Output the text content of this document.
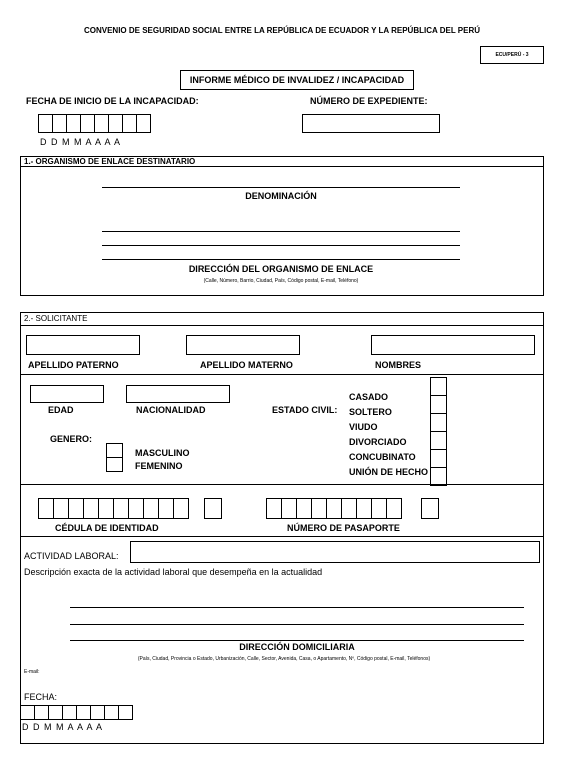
CONVENIO DE SEGURIDAD SOCIAL ENTRE LA REPÚBLICA DE ECUADOR Y LA REPÚBLICA DEL PERÚ
ECU/PERÚ - 3
INFORME MÉDICO DE INVALIDEZ / INCAPACIDAD
FECHA DE INICIO DE LA INCAPACIDAD:
D D M M A A A A
NÚMERO DE EXPEDIENTE:
1.- ORGANISMO DE ENLACE DESTINATARIO
DENOMINACIÓN
DIRECCIÓN DEL ORGANISMO DE ENLACE
(Calle, Número, Barrio, Ciudad, País, Código postal, E-mail, Teléfono)
2.- SOLICITANTE
APELLIDO PATERNO	APELLIDO MATERNO	NOMBRES
EDAD	NACIONALIDAD	ESTADO CIVIL:
CASADO
SOLTERO
VIUDO
DIVORCIADO
CONCUBINATO
UNIÓN DE HECHO
GENERO:
MASCULINO
FEMENINO
CÉDULA DE IDENTIDAD	NÚMERO DE PASAPORTE
ACTIVIDAD LABORAL:
Descripción exacta de la actividad laboral que desempeña en la actualidad
DIRECCIÓN DOMICILIARIA
(País, Ciudad, Provincia o Estado, Urbanización, Calle, Sector, Avenida, Casa, o Apartamento, Nº, Código postal, E-mail, Teléfonos)
E-mail:
FECHA:
D D M M A A A A
